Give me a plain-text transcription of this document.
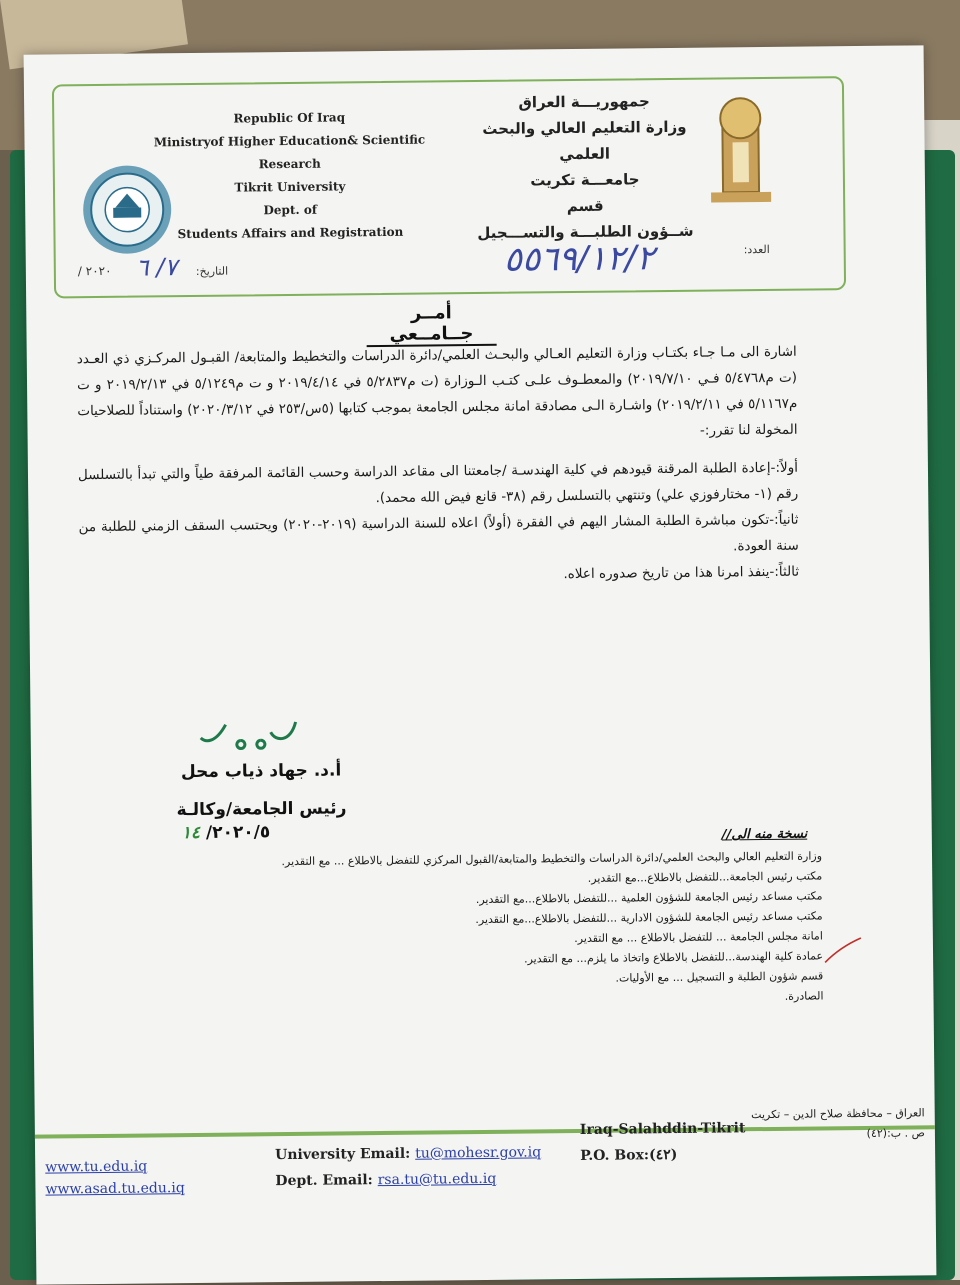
Republic Of Iraq
Ministryof Higher Education& Scientific Research
Tikrit University
Dept. of
Students Affairs and Registration
جمهوريـــة العراق
وزارة التعليم العالي والبحث العلمي
جامعـــة تكريت
قسم
شــؤون الطلبـــة والتســـجيل
العدد:
٥٥٦٩/١٢/٢
التاريخ:
٧/ ٦
٢٠٢٠ /
أمــر جــامــعي

اشارة الى مـا جـاء بكتـاب وزارة التعليم العـالي والبحـث العلمي/دائرة الدراسات والتخطيط والمتابعة/ القبـول المركـزي ذي العـدد (ت م٥/٤٧٦٨ فـي ٢٠١٩/٧/١٠) والمعطـوف علـى كتـب الـوزارة (ت م٥/٢٨٣٧ في ٢٠١٩/٤/١٤ و ت م٥/١٢٤٩ في ٢٠١٩/٢/١٣ و ت م٥/١١٦٧ في ٢٠١٩/٢/١١) واشـارة الـى مصادقة امانة مجلس الجامعة بموجب كتابها (٥س/٢٥٣ في ٢٠٢٠/٣/١٢) واستناداً للصلاحيات المخولة لنا تقرر:-

أولاً:-إعادة الطلبة المرقنة قيودهم في كلية الهندسـة /جامعتنا الى مقاعد الدراسة وحسب القائمة المرفقة طياً والتي تبدأ بالتسلسل رقم (١- مختارفوزي علي) وتنتهي بالتسلسل رقم (٣٨- قانع فيض الله محمد).

ثانياً:-تكون مباشرة الطلبة المشار اليهم في الفقرة (أولاً) اعلاه للسنة الدراسية (٢٠١٩-٢٠٢٠) ويحتسب السقف الزمني للطلبة من سنة العودة.

ثالثاً:-ينفذ امرنا هذا من تاريخ صدوره اعلاه.

أ.د. جهاد ذياب محل
رئيس الجامعة/وكالـة
٢٠٢٠/٥/ ١٤	نسخة منه الى//
وزارة التعليم العالي والبحث العلمي/دائرة الدراسات والتخطيط والمتابعة/القبول المركزي للتفضل بالاطلاع ... مع التقدير.
مكتب رئيس الجامعة...للتفضل بالاطلاع...مع التقدير.
مكتب مساعد رئيس الجامعة للشؤون العلمية ...للتفضل بالاطلاع...مع التقدير.
مكتب مساعد رئيس الجامعة للشؤون الادارية ...للتفضل بالاطلاع...مع التقدير.
امانة مجلس الجامعة ... للتفضل بالاطلاع ... مع التقدير.
عمادة كلية الهندسة...للتفضل بالاطلاع واتخاذ ما يلزم... مع التقدير.
قسم شؤون الطلبة و التسجيل ... مع الأوليات.
الصادرة.
www.tu.edu.iq
www.asad.tu.edu.iq
University Email: tu@mohesr.gov.iq
Dept. Email: rsa.tu@tu.edu.iq
Iraq-Salahddin-Tikrit
P.O. Box:(٤٢)
العراق – محافظة صلاح الدين – تكريت
ص . ب:(٤٢)
